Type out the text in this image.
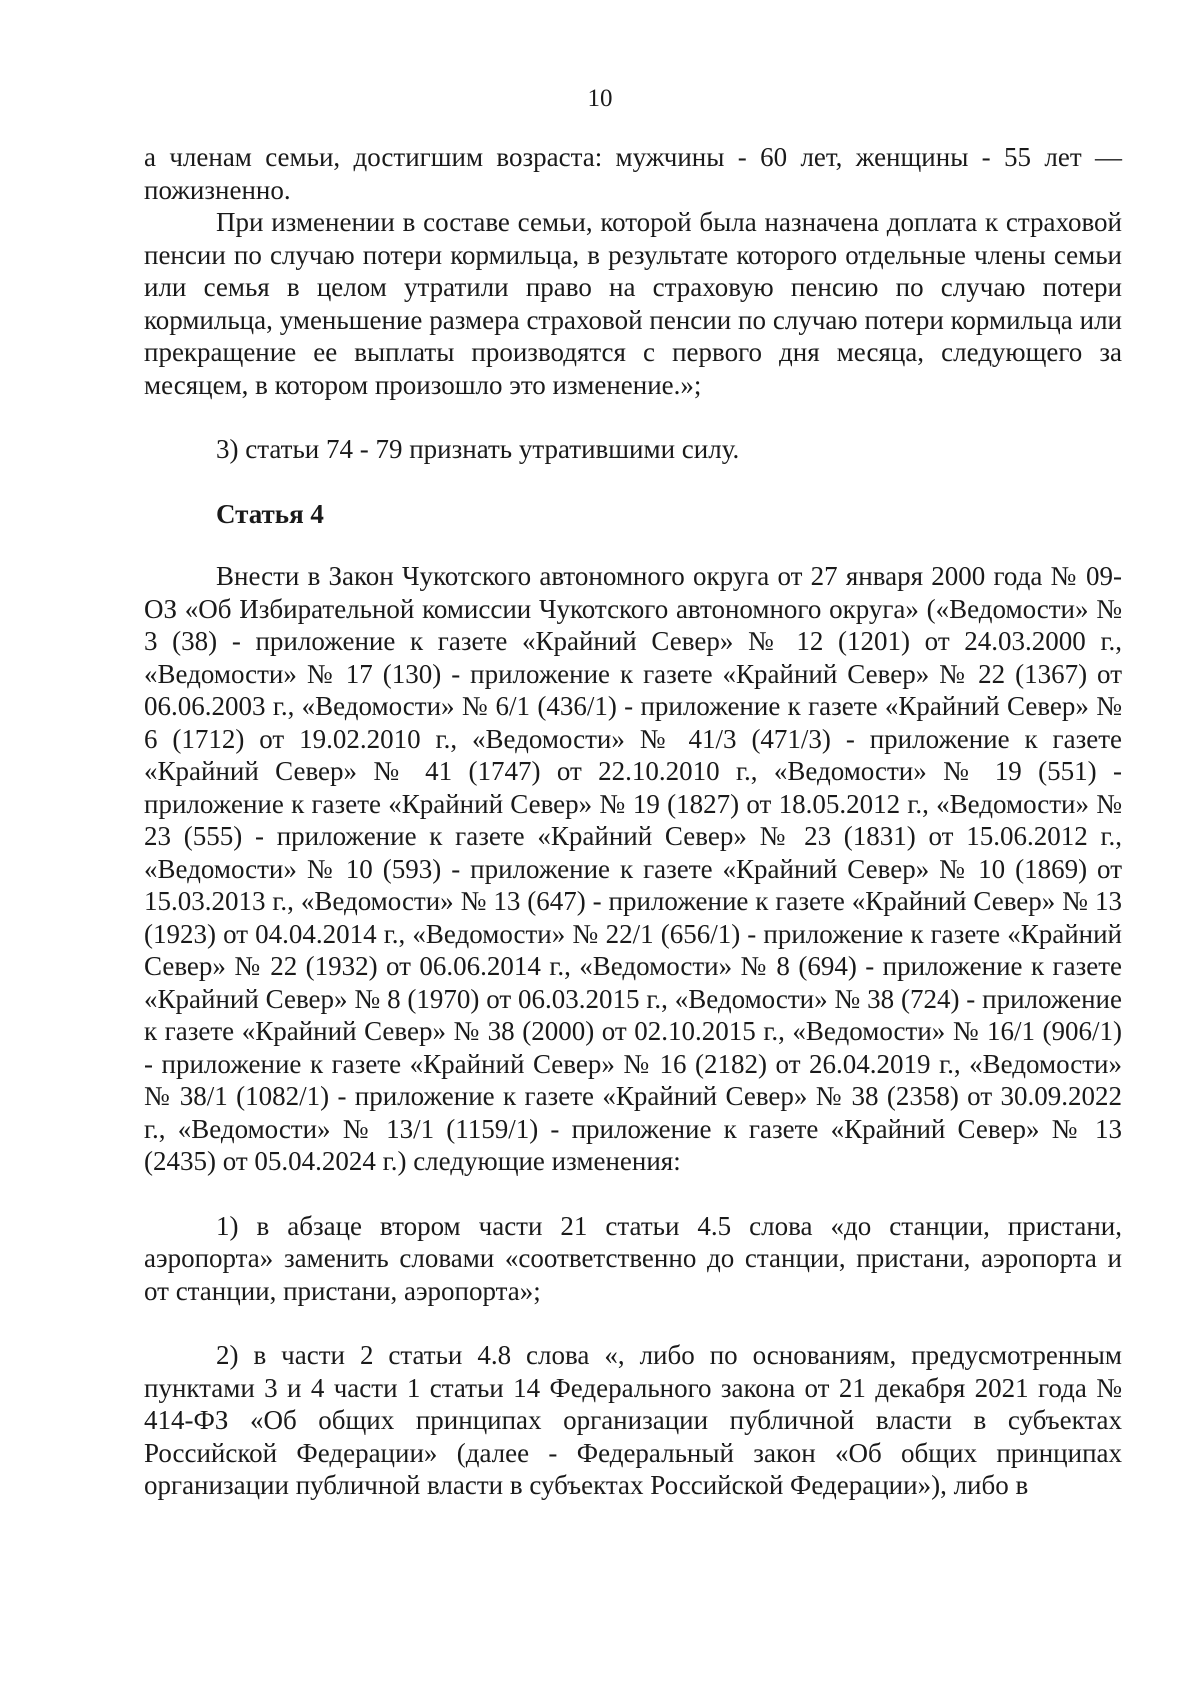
10

а членам семьи, достигшим возраста: мужчины - 60 лет, женщины - 55 лет — пожизненно.

При изменении в составе семьи, которой была назначена доплата к страховой пенсии по случаю потери кормильца, в результате которого отдельные члены семьи или семья в целом утратили право на страховую пенсию по случаю потери кормильца, уменьшение размера страховой пенсии по случаю потери кормильца или прекращение ее выплаты производятся с первого дня месяца, следующего за месяцем, в котором произошло это изменение.»;

3) статьи 74 - 79 признать утратившими силу.

Статья 4

Внести в Закон Чукотского автономного округа от 27 января 2000 года № 09-ОЗ «Об Избирательной комиссии Чукотского автономного округа» («Ведомости» № 3 (38) - приложение к газете «Крайний Север» № 12 (1201) от 24.03.2000 г., «Ведомости» № 17 (130) - приложение к газете «Крайний Север» № 22 (1367) от 06.06.2003 г., «Ведомости» № 6/1 (436/1) - приложение к газете «Крайний Север» № 6 (1712) от 19.02.2010 г., «Ведомости» № 41/3 (471/3) - приложение к газете «Крайний Север» № 41 (1747) от 22.10.2010 г., «Ведомости» № 19 (551) - приложение к газете «Крайний Север» № 19 (1827) от 18.05.2012 г., «Ведомости» № 23 (555) - приложение к газете «Крайний Север» № 23 (1831) от 15.06.2012 г., «Ведомости» № 10 (593) - приложение к газете «Крайний Север» № 10 (1869) от 15.03.2013 г., «Ведомости» № 13 (647) - приложение к газете «Крайний Север» № 13 (1923) от 04.04.2014 г., «Ведомости» № 22/1 (656/1) - приложение к газете «Крайний Север» № 22 (1932) от 06.06.2014 г., «Ведомости» № 8 (694) - приложение к газете «Крайний Север» № 8 (1970) от 06.03.2015 г., «Ведомости» № 38 (724) - приложение к газете «Крайний Север» № 38 (2000) от 02.10.2015 г., «Ведомости» № 16/1 (906/1) - приложение к газете «Крайний Север» № 16 (2182) от 26.04.2019 г., «Ведомости» № 38/1 (1082/1) - приложение к газете «Крайний Север» № 38 (2358) от 30.09.2022 г., «Ведомости» № 13/1 (1159/1) - приложение к газете «Крайний Север» № 13 (2435) от 05.04.2024 г.) следующие изменения:

1) в абзаце втором части 21 статьи 4.5 слова «до станции, пристани, аэропорта» заменить словами «соответственно до станции, пристани, аэропорта и от станции, пристани, аэропорта»;

2) в части 2 статьи 4.8 слова «, либо по основаниям, предусмотренным пунктами 3 и 4 части 1 статьи 14 Федерального закона от 21 декабря 2021 года № 414-ФЗ «Об общих принципах организации публичной власти в субъектах Российской Федерации» (далее - Федеральный закон «Об общих принципах организации публичной власти в субъектах Российской Федерации»), либо в
